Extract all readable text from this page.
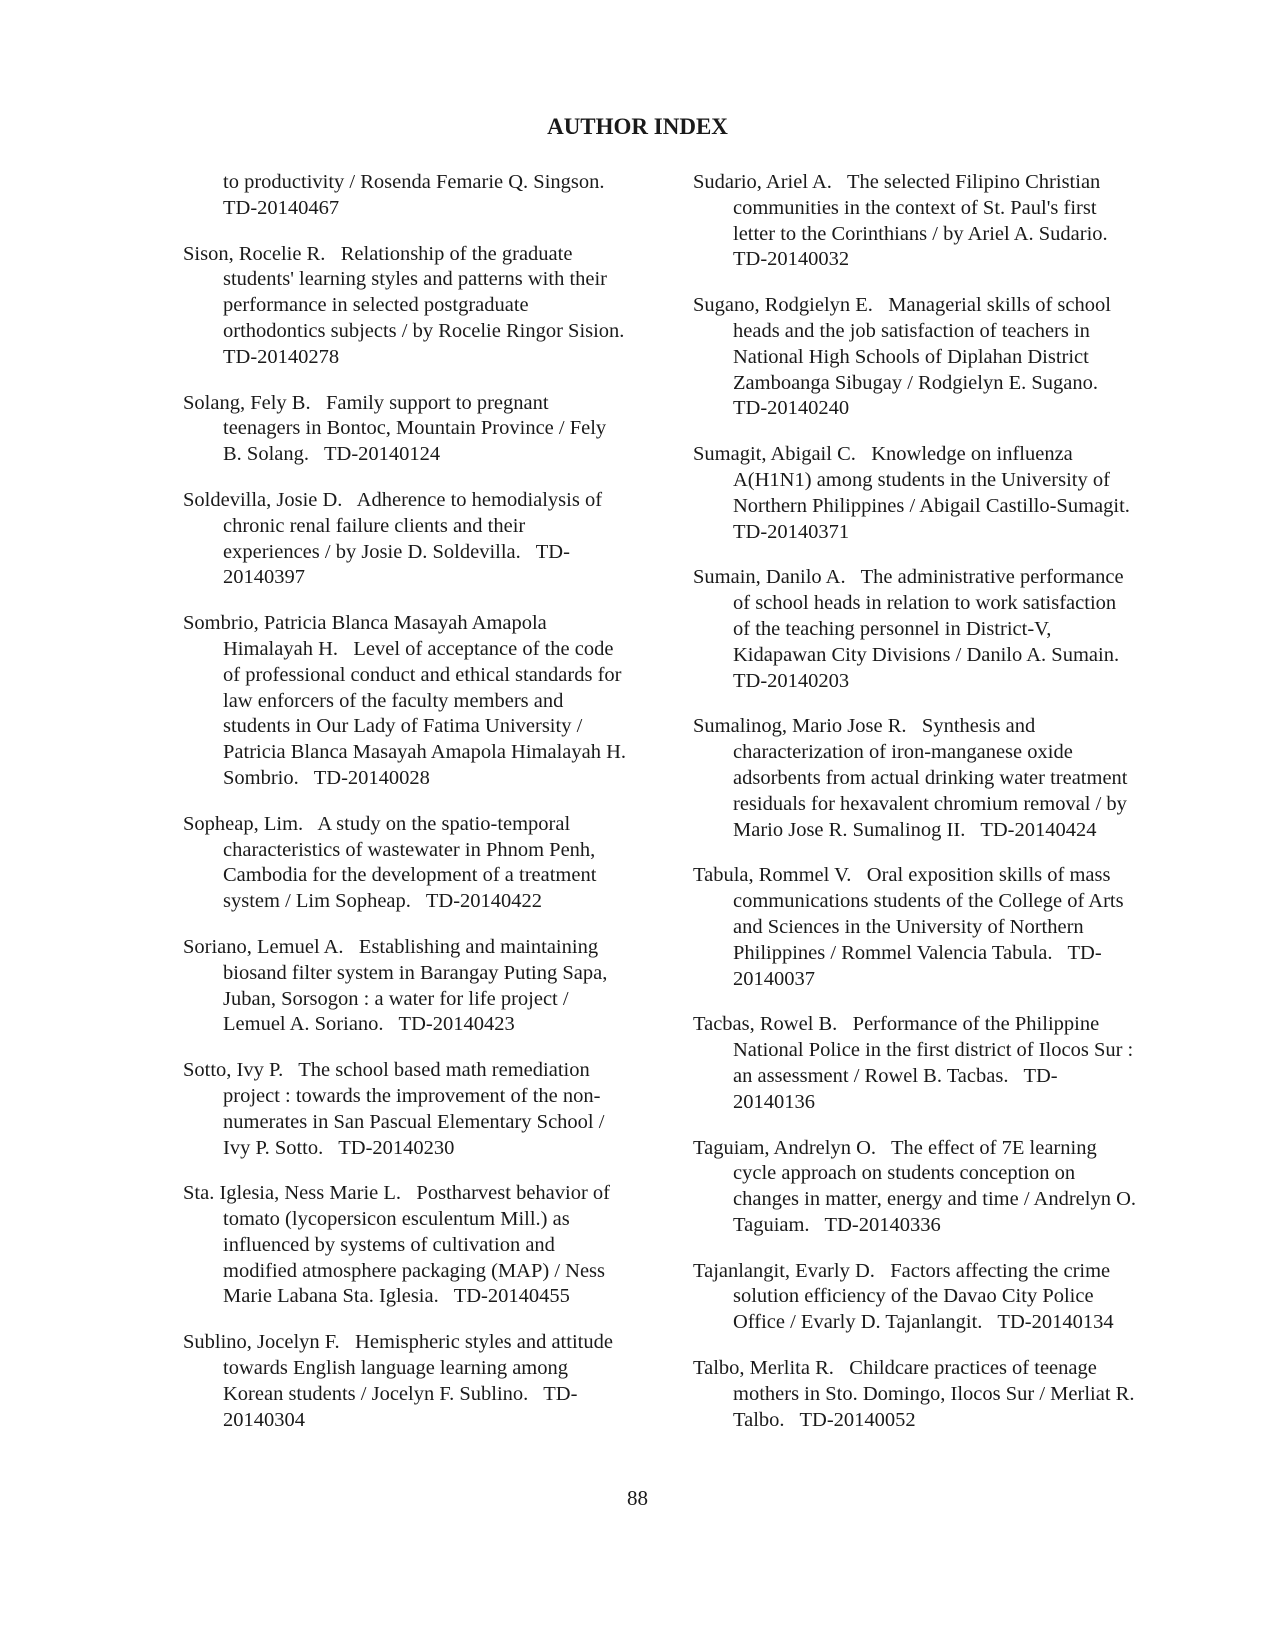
AUTHOR INDEX
to productivity / Rosenda Femarie Q. Singson.
TD-20140467
Sison, Rocelie R.   Relationship of the graduate
students' learning styles and patterns with their
performance in selected postgraduate
orthodontics subjects / by Rocelie Ringor Sision.
TD-20140278
Solang, Fely B.   Family support to pregnant
teenagers in Bontoc, Mountain Province / Fely
B. Solang.   TD-20140124
Soldevilla, Josie D.   Adherence to hemodialysis of
chronic renal failure clients and their
experiences / by Josie D. Soldevilla.   TD-
20140397
Sombrio, Patricia Blanca Masayah Amapola
Himalayah H.   Level of acceptance of the code
of professional conduct and ethical standards for
law enforcers of the faculty members and
students in Our Lady of Fatima University /
Patricia Blanca Masayah Amapola Himalayah H.
Sombrio.   TD-20140028
Sopheap, Lim.   A study on the spatio-temporal
characteristics of wastewater in Phnom Penh,
Cambodia for the development of a treatment
system / Lim Sopheap.   TD-20140422
Soriano, Lemuel A.   Establishing and maintaining
biosand filter system in Barangay Puting Sapa,
Juban, Sorsogon : a water for life project /
Lemuel A. Soriano.   TD-20140423
Sotto, Ivy P.   The school based math remediation
project : towards the improvement of the non-
numerates in San Pascual Elementary School /
Ivy P. Sotto.   TD-20140230
Sta. Iglesia, Ness Marie L.   Postharvest behavior of
tomato (lycopersicon esculentum Mill.) as
influenced by systems of cultivation and
modified atmosphere packaging (MAP) / Ness
Marie Labana Sta. Iglesia.   TD-20140455
Sublino, Jocelyn F.   Hemispheric styles and attitude
towards English language learning among
Korean students / Jocelyn F. Sublino.   TD-
20140304
Sudario, Ariel A.   The selected Filipino Christian
communities in the context of St. Paul's first
letter to the Corinthians / by Ariel A. Sudario.
TD-20140032
Sugano, Rodgielyn E.   Managerial skills of school
heads and the job satisfaction of teachers in
National High Schools of Diplahan District
Zamboanga Sibugay / Rodgielyn E. Sugano.
TD-20140240
Sumagit, Abigail C.   Knowledge on influenza
A(H1N1) among students in the University of
Northern Philippines / Abigail Castillo-Sumagit.
TD-20140371
Sumain, Danilo A.   The administrative performance
of school heads in relation to work satisfaction
of the teaching personnel in District-V,
Kidapawan City Divisions / Danilo A. Sumain.
TD-20140203
Sumalinog, Mario Jose R.   Synthesis and
characterization of iron-manganese oxide
adsorbents from actual drinking water treatment
residuals for hexavalent chromium removal / by
Mario Jose R. Sumalinog II.   TD-20140424
Tabula, Rommel V.   Oral exposition skills of mass
communications students of the College of Arts
and Sciences in the University of Northern
Philippines / Rommel Valencia Tabula.   TD-
20140037
Tacbas, Rowel B.   Performance of the Philippine
National Police in the first district of Ilocos Sur :
an assessment / Rowel B. Tacbas.   TD-
20140136
Taguiam, Andrelyn O.   The effect of 7E learning
cycle approach on students conception on
changes in matter, energy and time / Andrelyn O.
Taguiam.   TD-20140336
Tajanlangit, Evarly D.   Factors affecting the crime
solution efficiency of the Davao City Police
Office / Evarly D. Tajanlangit.   TD-20140134
Talbo, Merlita R.   Childcare practices of teenage
mothers in Sto. Domingo, Ilocos Sur / Merliat R.
Talbo.   TD-20140052
88
